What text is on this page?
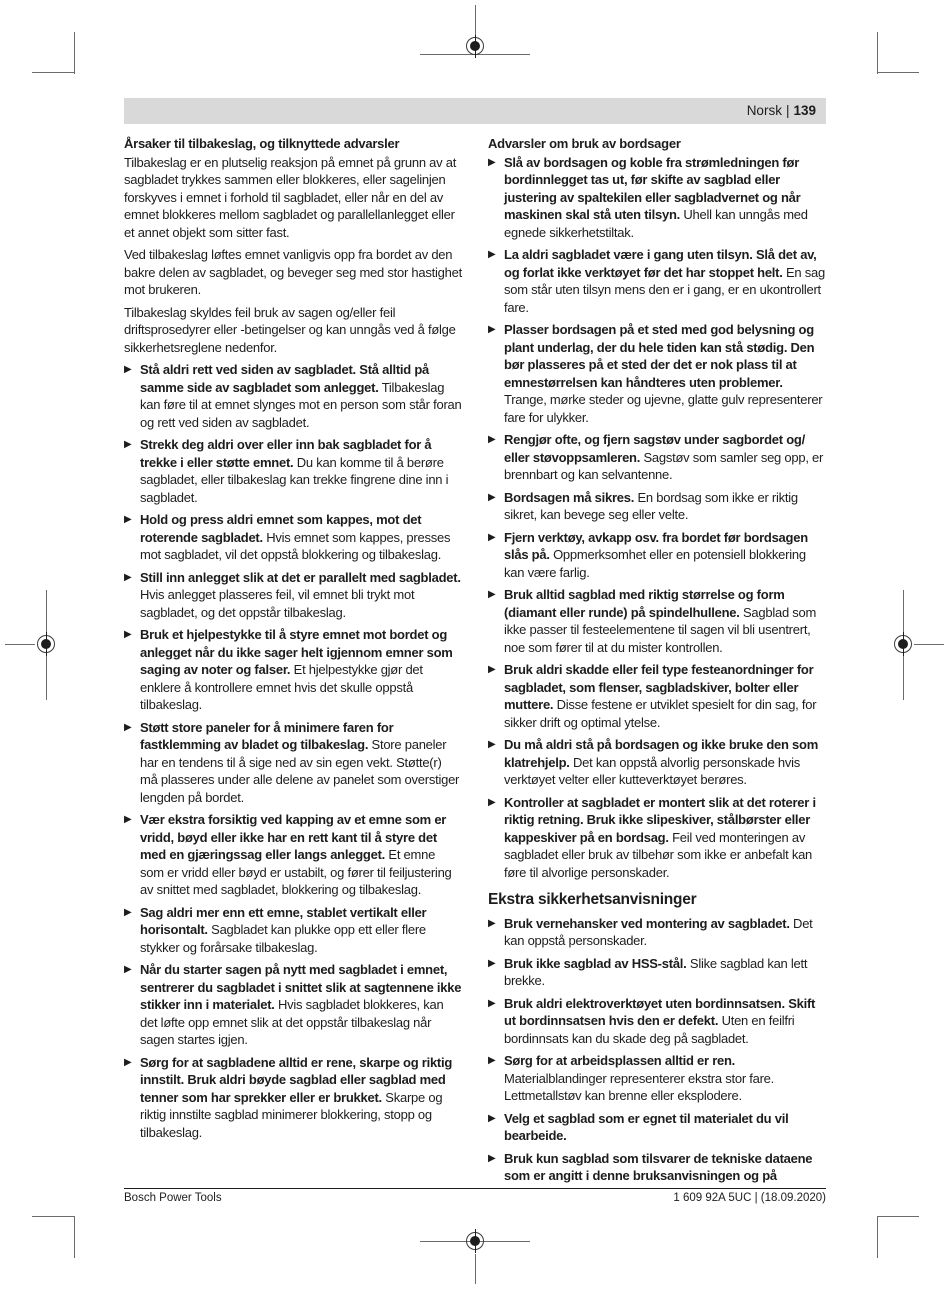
Norsk | 139
Årsaker til tilbakeslag, og tilknyttede advarsler
Tilbakeslag er en plutselig reaksjon på emnet på grunn av at sagbladet trykkes sammen eller blokkeres, eller sagelinjen forskyves i emnet i forhold til sagbladet, eller når en del av emnet blokkeres mellom sagbladet og parallellanlegget eller et annet objekt som sitter fast.
Ved tilbakeslag løftes emnet vanligvis opp fra bordet av den bakre delen av sagbladet, og beveger seg med stor hastighet mot brukeren.
Tilbakeslag skyldes feil bruk av sagen og/eller feil driftsprosedyrer eller -betingelser og kan unngås ved å følge sikkerhetsreglene nedenfor.
▶ Stå aldri rett ved siden av sagbladet. Stå alltid på samme side av sagbladet som anlegget. Tilbakeslag kan føre til at emnet slynges mot en person som står foran og rett ved siden av sagbladet.
▶ Strekk deg aldri over eller inn bak sagbladet for å trekke i eller støtte emnet. Du kan komme til å berøre sagbladet, eller tilbakeslag kan trekke fingrene dine inn i sagbladet.
▶ Hold og press aldri emnet som kappes, mot det roterende sagbladet. Hvis emnet som kappes, presses mot sagbladet, vil det oppstå blokkering og tilbakeslag.
▶ Still inn anlegget slik at det er parallelt med sagbladet. Hvis anlegget plasseres feil, vil emnet bli trykt mot sagbladet, og det oppstår tilbakeslag.
▶ Bruk et hjelpestykke til å styre emnet mot bordet og anlegget når du ikke sager helt igjennom emner som saging av noter og falser. Et hjelpestykke gjør det enklere å kontrollere emnet hvis det skulle oppstå tilbakeslag.
▶ Støtt store paneler for å minimere faren for fastklemming av bladet og tilbakeslag. Store paneler har en tendens til å sige ned av sin egen vekt. Støtte(r) må plasseres under alle delene av panelet som overstiger lengden på bordet.
▶ Vær ekstra forsiktig ved kapping av et emne som er vridd, bøyd eller ikke har en rett kant til å styre det med en gjæringssag eller langs anlegget. Et emne som er vridd eller bøyd er ustabilt, og fører til feiljustering av snittet med sagbladet, blokkering og tilbakeslag.
▶ Sag aldri mer enn ett emne, stablet vertikalt eller horisontalt. Sagbladet kan plukke opp ett eller flere stykker og forårsake tilbakeslag.
▶ Når du starter sagen på nytt med sagbladet i emnet, sentrerer du sagbladet i snittet slik at sagtennene ikke stikker inn i materialet. Hvis sagbladet blokkeres, kan det løfte opp emnet slik at det oppstår tilbakeslag når sagen startes igjen.
▶ Sørg for at sagbladene alltid er rene, skarpe og riktig innstilt. Bruk aldri bøyde sagblad eller sagblad med tenner som har sprekker eller er brukket. Skarpe og riktig innstilte sagblad minimerer blokkering, stopp og tilbakeslag.
Advarsler om bruk av bordsager
▶ Slå av bordsagen og koble fra strømledningen før bordinnlegget tas ut, før skifte av sagblad eller justering av spaltekilen eller sagbladvernet og når maskinen skal stå uten tilsyn. Uhell kan unngås med egnede sikkerhetstiltak.
▶ La aldri sagbladet være i gang uten tilsyn. Slå det av, og forlat ikke verktøyet før det har stoppet helt. En sag som står uten tilsyn mens den er i gang, er en ukontrollert fare.
▶ Plasser bordsagen på et sted med god belysning og plant underlag, der du hele tiden kan stå stødig. Den bør plasseres på et sted der det er nok plass til at emnestørrelsen kan håndteres uten problemer. Trange, mørke steder og ujevne, glatte gulv representerer fare for ulykker.
▶ Rengjør ofte, og fjern sagstøv under sagbordet og/ eller støvoppsamleren. Sagstøv som samler seg opp, er brennbart og kan selvantenne.
▶ Bordsagen må sikres. En bordsag som ikke er riktig sikret, kan bevege seg eller velte.
▶ Fjern verktøy, avkapp osv. fra bordet før bordsagen slås på. Oppmerksomhet eller en potensiell blokkering kan være farlig.
▶ Bruk alltid sagblad med riktig størrelse og form (diamant eller runde) på spindelhullene. Sagblad som ikke passer til festeelementene til sagen vil bli usentrert, noe som fører til at du mister kontrollen.
▶ Bruk aldri skadde eller feil type festeanordninger for sagbladet, som flenser, sagbladskiver, bolter eller muttere. Disse festene er utviklet spesielt for din sag, for sikker drift og optimal ytelse.
▶ Du må aldri stå på bordsagen og ikke bruke den som klatrehjelp. Det kan oppstå alvorlig personskade hvis verktøyet velter eller kutteverktøyet berøres.
▶ Kontroller at sagbladet er montert slik at det roterer i riktig retning. Bruk ikke slipeskiver, stålbørster eller kappeskiver på en bordsag. Feil ved monteringen av sagbladet eller bruk av tilbehør som ikke er anbefalt kan føre til alvorlige personskader.
Ekstra sikkerhetsanvisninger
▶ Bruk vernehansker ved montering av sagbladet. Det kan oppstå personskader.
▶ Bruk ikke sagblad av HSS-stål. Slike sagblad kan lett brekke.
▶ Bruk aldri elektroverktøyet uten bordinnsatsen. Skift ut bordinnsatsen hvis den er defekt. Uten en feilfri bordinnsats kan du skade deg på sagbladet.
▶ Sørg for at arbeidsplassen alltid er ren. Materialblandinger representerer ekstra stor fare. Lettmetallstøv kan brenne eller eksplodere.
▶ Velg et sagblad som er egnet til materialet du vil bearbeide.
▶ Bruk kun sagblad som tilsvarer de tekniske dataene som er angitt i denne bruksanvisningen og på
Bosch Power Tools	1 609 92A 5UC | (18.09.2020)
